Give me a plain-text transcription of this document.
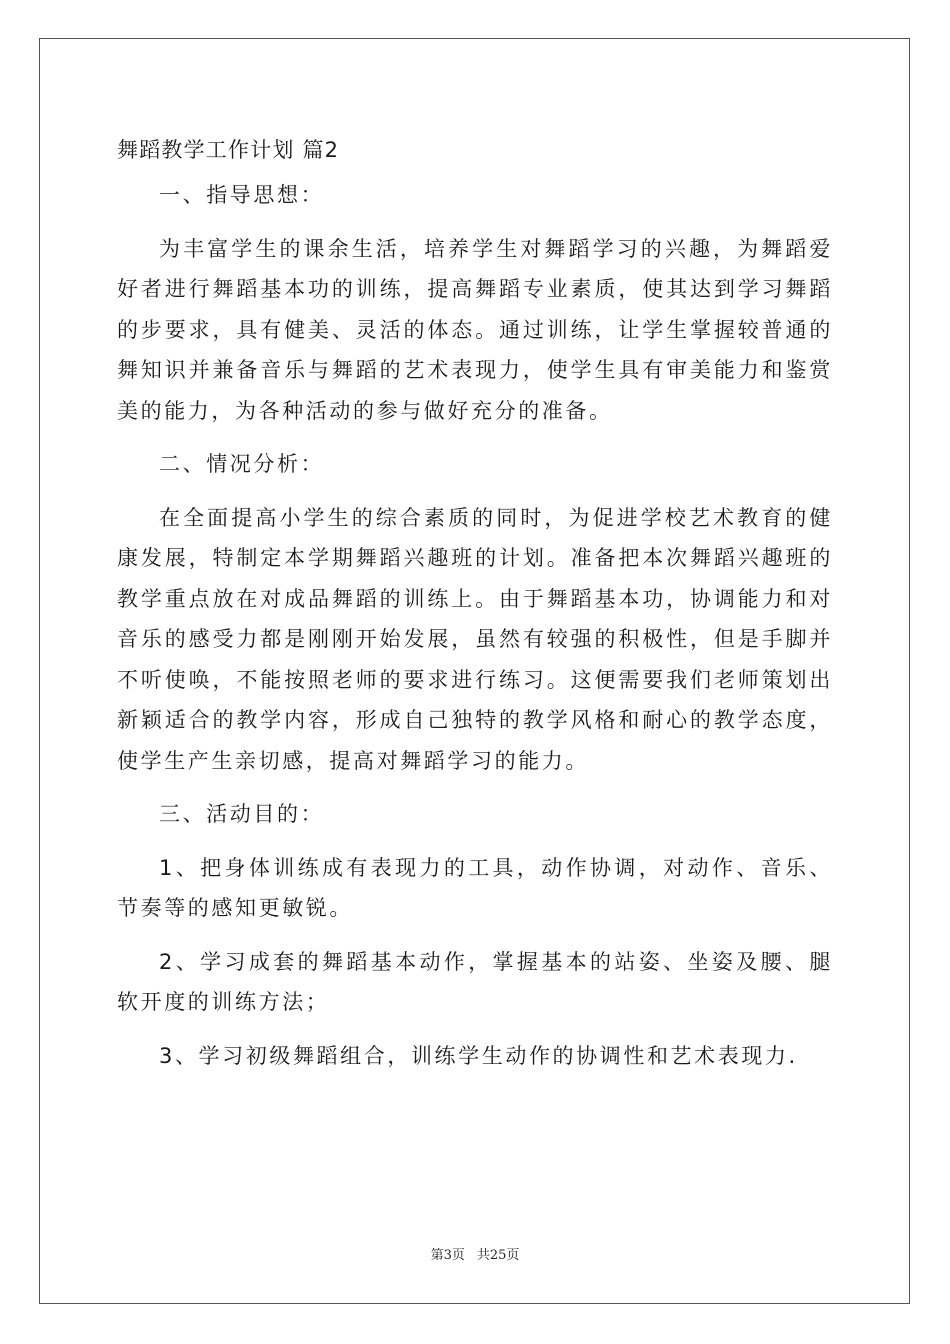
舞蹈教学工作计划 篇2
一、指导思想：
为丰富学生的课余生活，培养学生对舞蹈学习的兴趣，为舞蹈爱好者进行舞蹈基本功的训练，提高舞蹈专业素质，使其达到学习舞蹈的步要求，具有健美、灵活的体态。通过训练，让学生掌握较普通的舞知识并兼备音乐与舞蹈的艺术表现力，使学生具有审美能力和鉴赏美的能力，为各种活动的参与做好充分的准备。
二、情况分析：
在全面提高小学生的综合素质的同时，为促进学校艺术教育的健康发展，特制定本学期舞蹈兴趣班的计划。准备把本次舞蹈兴趣班的教学重点放在对成品舞蹈的训练上。由于舞蹈基本功，协调能力和对音乐的感受力都是刚刚开始发展，虽然有较强的积极性，但是手脚并不听使唤，不能按照老师的要求进行练习。这便需要我们老师策划出新颖适合的教学内容，形成自己独特的教学风格和耐心的教学态度，使学生产生亲切感，提高对舞蹈学习的能力。
三、活动目的：
1、把身体训练成有表现力的工具，动作协调，对动作、音乐、节奏等的感知更敏锐。
2、学习成套的舞蹈基本动作，掌握基本的站姿、坐姿及腰、腿软开度的训练方法；
3、学习初级舞蹈组合，训练学生动作的协调性和艺术表现力.
第3页 共25页
